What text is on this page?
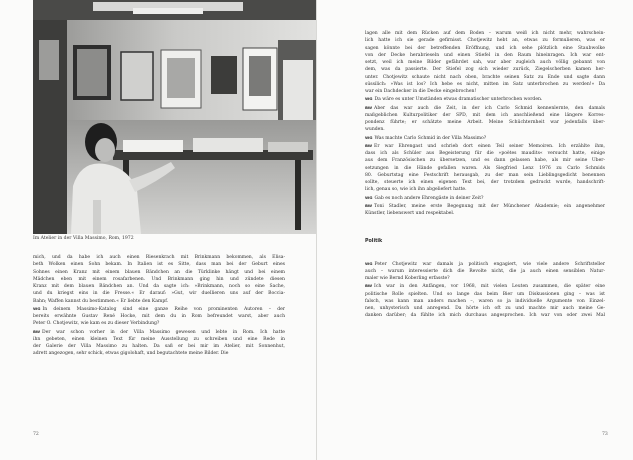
Im Atelier in der Villa Massimo, Rom, 1972
mich, und da habe ich auch einen Riesenkrach mit Brinkmann bekommen, als Elisa-
beth Wolken einen Sohn bekam. In Italien ist es Sitte, dass man bei der Geburt eines
Sohnes einen Kranz mit einem blauen Bändchen an die Türklinke hängt und bei einem
Mädchen eben mit einem rosafarbenen. Und Brinkmann ging hin und zündete diesen
Kranz mit dem blauen Bändchen an. Und da sagte ich: »Brinkmann, noch so eine Sache,
und du kriegst eins in die Fresse.« Er darauf: »Gut, wir duellieren uns auf der Boccia-
Bahn; Waffen kannst du bestimmen.« Er liebte den Kampf.
WG In deinem Massimo-Katalog sind eine ganze Reihe von prominenten Autoren – der
bereits erwähnte Gustav René Hocke, mit dem du in Rom befreundet warst, aber auch
Peter O. Chotjewitz, wie kam es zu dieser Verbindung?
BW Der war schon vorher in der Villa Massimo gewesen und lebte in Rom. Ich hatte
ihn gebeten, einen kleinen Text für meine Ausstellung zu schreiben und eine Rede in
der Galerie der Villa Massimo zu halten. Da saß er bei mir im Atelier, mit Sonnenhut,
adrett angezogen, sehr schick, etwas gigolohaft, und begutachtete meine Bilder. Die
72	73
lagen alle mit dem Rücken auf dem Boden – warum weiß ich nicht mehr, wahrschein-
lich hatte ich sie gerade gefirnisst. Chotjewitz hebt an, etwas zu formulieren, was er
sagen könnte bei der betreffenden Eröffnung, und ich sehe plötzlich eine Staubwolke
von der Decke herabrieseln und einen Stiefel in den Raum hineinragen. Ich war ent-
setzt, weil ich meine Bilder gefährdet sah, war aber zugleich auch völlig gebannt von
dem, was da passierte. Der Stiefel zog sich wieder zurück, Ziegelscherben kamen her-
unter. Chotjewitz schaute nicht nach oben, brachte seinen Satz zu Ende und sagte dann
süssilich: »Was ist los? Ich hebe es nicht, mitten im Satz unterbrochen zu werden!« Da
war ein Dachdecker in die Decke eingebrochen!
WG Da wäre es unter Umständen etwas dramatischer unterbrochen worden.
BW Aber das war auch die Zeit, in der ich Carlo Schmid kennenlernte, den damals
maßgeblichen Kulturpolitiker der SPD, mit dem ich anschließend eine längere Korres-
pondenz führte; er schätzte meine Arbeit. Meine Schüchternheit war jedenfalls über-
wunden.
WG Was machte Carlo Schmid in der Villa Massimo?
BW Er war Ehrengast und schrieb dort einen Teil seiner Memoiren. Ich erzählte ihm,
dass ich als Schüler aus Begeisterung für die »poètes maudits« versucht hatte, einige
aus dem Französischen zu übersetzen, und es dann gelassen habe, als mir seine Über-
setzungen in die Hände gefallen waren. Als Siegfried Lenz 1976 zu Carlo Schmids
80. Geburtstag eine Festschrift herausgab, zu der man sein Lieblingsgedicht benennen
sollte, steuerte ich einen eigenen Text bei, der trotzdem gedruckt wurde, handschrift-
lich, genau so, wie ich ihn abgeliefert hatte.
WG Gab es noch andere Ehrengäste in deiner Zeit?
BW Toni Stadler, meine erste Begegnung mit der Münchener Akademie; ein angenehmer
Künstler, liebenswert und respektabel.

Politik

WG Peter Chotjewitz war damals ja politisch engagiert, wie viele andere Schriftsteller
auch – warum interessierte dich die Revolte nicht, die ja auch einen sensiblen Natur-
maler wie Bernd Koberling erfasste?
BW Ich war in den Anfängen, vor 1968, mit vielen Leuten zusammen, die später eine
politische Rolle spielten. Und so lange das beim Bier um Diskussionen ging – was ist
falsch, was kann man anders machen –, waren so ja individuelle Argumente von Einzel-
nen, unhysterisch und anregend. Da hörte ich oft zu und machte mir auch meine Ge-
danken darüber; da fühlte ich mich durchaus angesprochen. Ich war von oder zwei Mal
